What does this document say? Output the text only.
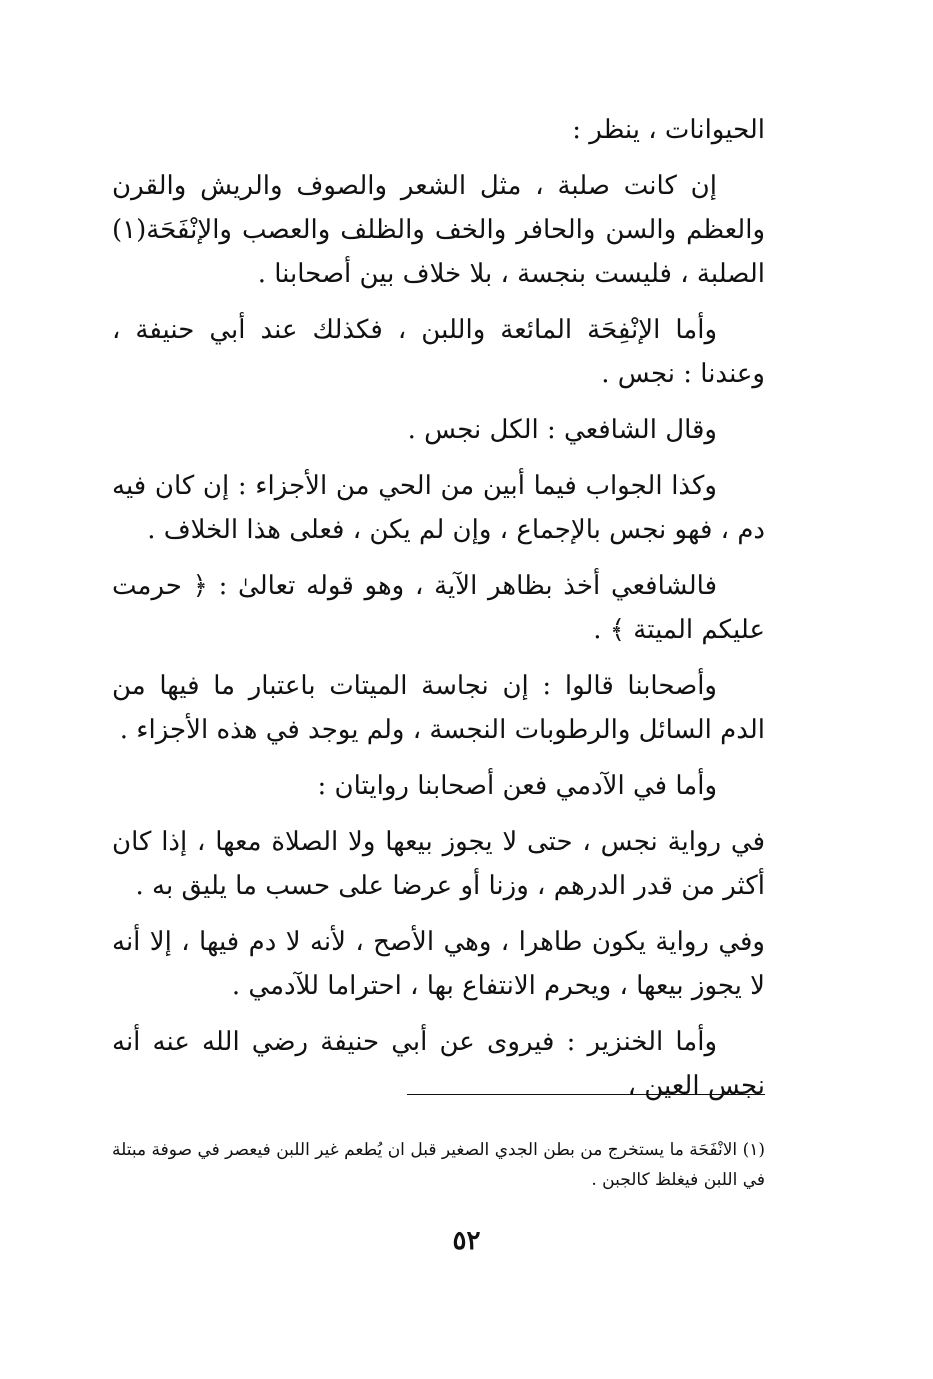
الحيوانات ، ينظر :

إن كانت صلبة ، مثل الشعر والصوف والريش والقرن والعظم والسن والحافر والخف والظلف والعصب والإنْفَحَة(١) الصلبة ، فليست بنجسة ، بلا خلاف بين أصحابنا .

وأما الإنْفِحَة المائعة واللبن ، فكذلك عند أبي حنيفة ، وعندنا : نجس .

وقال الشافعي : الكل نجس .

وكذا الجواب فيما أبين من الحي من الأجزاء : إن كان فيه دم ، فهو نجس بالإجماع ، وإن لم يكن ، فعلى هذا الخلاف .

فالشافعي أخذ بظاهر الآية ، وهو قوله تعالىٰ : ﴿ حرمت عليكم الميتة ﴾ .

وأصحابنا قالوا : إن نجاسة الميتات باعتبار ما فيها من الدم السائل والرطوبات النجسة ، ولم يوجد في هذه الأجزاء .

وأما في الآدمي فعن أصحابنا روايتان :

في رواية نجس ، حتى لا يجوز بيعها ولا الصلاة معها ، إذا كان أكثر من قدر الدرهم ، وزنا أو عرضا على حسب ما يليق به .

وفي رواية يكون طاهرا ، وهي الأصح ، لأنه لا دم فيها ، إلا أنه لا يجوز بيعها ، ويحرم الانتفاع بها ، احتراما للآدمي .

وأما الخنزير : فيروى عن أبي حنيفة رضي الله عنه أنه نجس العين ،

(١) الانْفَحَة ما يستخرج من بطن الجدي الصغير قبل ان يُطعم غير اللبن فيعصر في صوفة مبتلة في اللبن فيغلظ كالجبن .

٥٢
